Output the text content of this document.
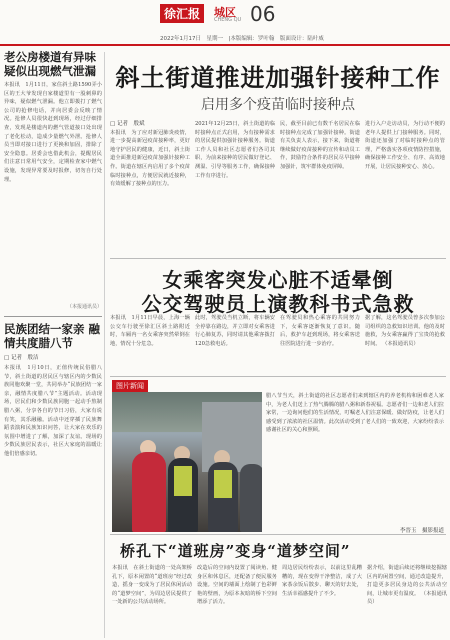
徐汇报	城区
CHENG QU 06
2022年1月17日　星期一　|本版编辑：罗叶翰　版面设计：陆叶威
老公房楼道有异味 疑似出现燃气泄漏

本报讯　1月11日，家住斜土路1590弄小区的王大爷发现自家楼道里有一股刺鼻的异味，疑似燃气泄漏。他立即拨打了燃气公司的抢修电话，并向居委会反映了情况。抢修人员很快赶到现场，经过仔细排查，发现是楼道内的燃气管道接口处出现了老化松动，造成少量燃气外泄。抢修人员当即对接口进行了更换和加固，排除了安全隐患。居委会也借此机会，提醒居民们注意日常用气安全，定期检查家中燃气设施，发现异常要及时报修，切勿自行处理。

（本报通讯员）
民族团结一家亲 融情共度腊八节
□ 记者　殷洁

本报讯　1月10日，正值传统民俗腊八节，斜土街道的居民区与辖区内的少数民族同胞欢聚一堂，共同举办“民族团结一家亲，融情共度腊八节”主题活动。活动现场，居民们和少数民族同胞一起动手熬制腊八粥，分享各自的节日习俗，大家有说有笑，其乐融融。活动中还穿插了民族舞蹈表演和民族知识问答，让大家在欢乐的氛围中增进了了解，加深了友谊。现场的少数民族居民表示，社区大家庭的温暖让他们倍感亲切。

斜土街道推进加强针接种工作
启用多个疫苗临时接种点
□ 记者　殷斌
本报讯　为了应对新冠肺炎疫情，进一步提高新冠疫苗接种率，更好地守护居民的健康，近日，斜土街道全面推进新冠疫苗加强针接种工作。街道在辖区内启用了多个疫苗临时接种点，方便居民就近接种，有效缓解了接种点的压力。
2021年12月25日，斜土街道的临时接种点正式启用，为有接种需求的居民提供加强针接种服务。街道工作人员和社区志愿者们各司其职，为前来接种的居民做好登记、测温、引导等服务工作，确保接种工作有序进行。
民，截至目前已有数千名居民在临时接种点完成了加强针接种。街道有关负责人表示，接下来，街道将继续做好疫苗接种的宣传和动员工作，鼓励符合条件的居民尽早接种加强针，筑牢群体免疫屏障。
进行入户走访动员，为行动不便的老年人提供上门接种服务。同时，街道还加强了对临时接种点的管理，严格落实各项疫情防控措施，确保接种工作安全、有序、高效地开展，让居民接种安心、放心。
女乘客突发心脏不适晕倒
公交驾驶员上演教科书式急救
本报讯　1月11日早晨，上海一辆公交车行驶至徐汇区斜土路附近时，车厢内一名女乘客突然晕倒在地，情况十分危急。
此时，驾驶员当机立断，将车辆安全停靠在路边，并立即对女乘客进行心肺复苏，同时请其他乘客拨打120急救电话。
在驾驶员和热心乘客的共同努力下，女乘客逐渐恢复了意识。随后，救护车赶到现场，将女乘客送往医院进行进一步治疗。
据了解，这名驾驶员曾多次参加公司组织的急救知识培训。他的及时施救，为女乘客赢得了宝贵的抢救时间。 （本报通讯员）
图片新闻
腊八节当天，斜土街道的社区志愿者们来到辖区内的养老机构和困难老人家中，为老人们送上了热气腾腾的腊八粥和新春祝福。志愿者们一边和老人们拉家常，一边询问他们的生活情况，叮嘱老人们注意保暖、做好防疫，让老人们感受到了浓浓的社区温情。此次活动受到了老人们的一致欢迎，大家纷纷表示感谢社区的关心和照顾。
李晋玉　摄影报道
桥孔下“道班房”变身“道梦空间”
本报讯　在斜土街道的一处高架桥孔下，原本闲置的“道班房”经过改造，摇身一变成为了居民休闲活动的“道梦空间”，为周边居民提供了一处新的公共活动场所。
改造后的空间内设置了阅读角、健身区和休息区，还配备了便民服务设施。空间的墙面上绘制了色彩鲜艳的壁画，为原本灰暗的桥下空间增添了活力。
周边居民纷纷表示，以前这里乱糟糟的，现在变得干净整洁，成了大家茶余饭后散步、聊天的好去处，生活幸福感提升了不少。
据介绍，街道后续还将继续挖掘辖区内的闲置空间，通过改造提升，打造更多居民身边的公共活动空间，让城市更有温度。 （本报通讯员）
